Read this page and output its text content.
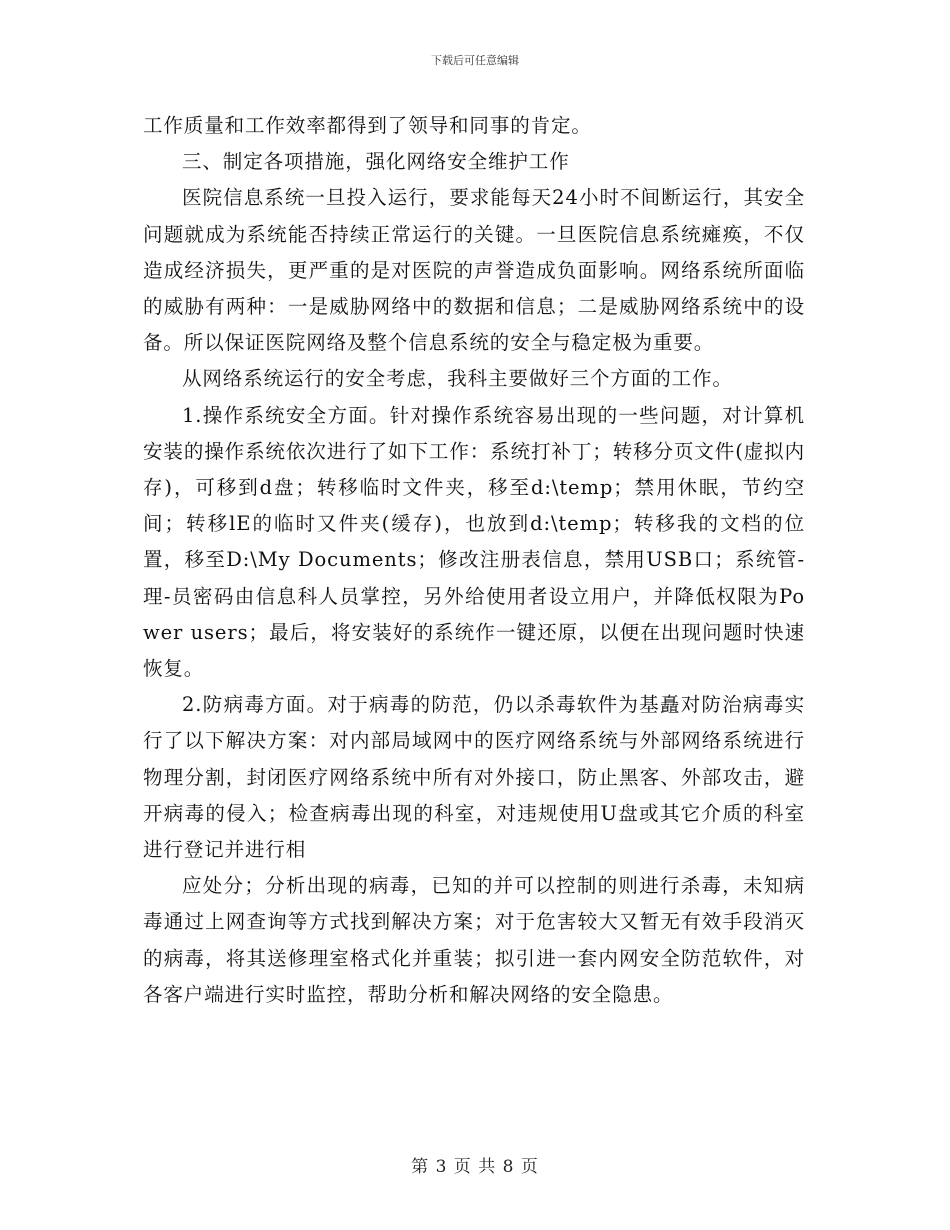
下载后可任意编辑

工作质量和工作效率都得到了领导和同事的肯定。

三、制定各项措施，强化网络安全维护工作

医院信息系统一旦投入运行，要求能每天24小时不间断运行，其安全问题就成为系统能否持续正常运行的关键。一旦医院信息系统瘫痪，不仅造成经济损失，更严重的是对医院的声誉造成负面影响。网络系统所面临的威胁有两种：一是威胁网络中的数据和信息；二是威胁网络系统中的设备。所以保证医院网络及整个信息系统的安全与稳定极为重要。

从网络系统运行的安全考虑，我科主要做好三个方面的工作。

1.操作系统安全方面。针对操作系统容易出现的一些问题，对计算机安装的操作系统依次进行了如下工作：系统打补丁；转移分页文件(虚拟内存)，可移到d盘；转移临时文件夹，移至d:\temp；禁用休眠，节约空间；转移lE的临时又件夹(缓存)，也放到d:\temp；转移我的文档的位置，移至D:\My Documents；修改注册表信息，禁用USB口；系统管-理-员密码由信息科人员掌控，另外给使用者设立用户，并降低权限为Power users；最后，将安装好的系统作一键还原，以便在出现问题时快速恢复。

2.防病毒方面。对于病毒的防范，仍以杀毒软件为基矗对防治病毒实行了以下解决方案：对内部局域网中的医疗网络系统与外部网络系统进行物理分割，封闭医疗网络系统中所有对外接口，防止黑客、外部攻击，避开病毒的侵入；检查病毒出现的科室，对违规使用U盘或其它介质的科室进行登记并进行相

应处分；分析出现的病毒，已知的并可以控制的则进行杀毒，未知病毒通过上网查询等方式找到解决方案；对于危害较大又暂无有效手段消灭的病毒，将其送修理室格式化并重装；拟引进一套内网安全防范软件，对各客户端进行实时监控，帮助分析和解决网络的安全隐患。

第 3 页 共 8 页
